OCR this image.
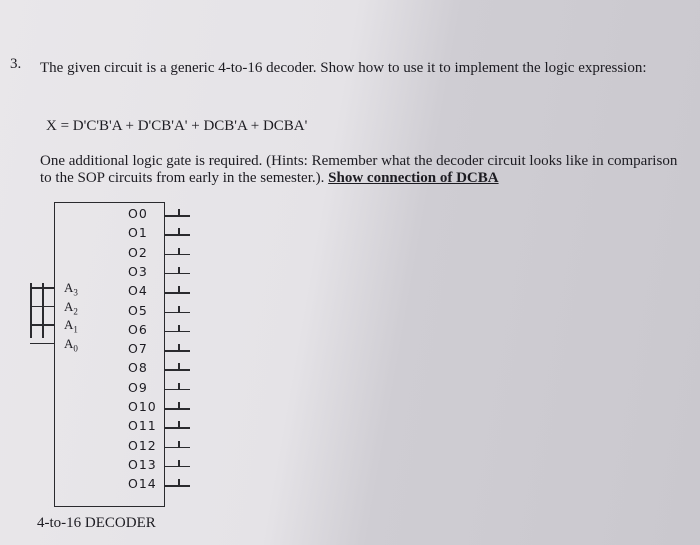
3. The given circuit is a generic 4-to-16 decoder. Show how to use it to implement the logic expression:
X = D'C'B'A + D'CB'A' + DCB'A + DCBA'
One additional logic gate is required. (Hints: Remember what the decoder circuit looks like in comparison to the SOP circuits from early in the semester.). Show connection of DCBA
$A_3$
$A_2$
$A_1$
$A_0$
O0
O1
O2
O3
O4
O5
O6
O7
O8
O9
O10
O11
O12
O13
O14
4-to-16 DECODER
